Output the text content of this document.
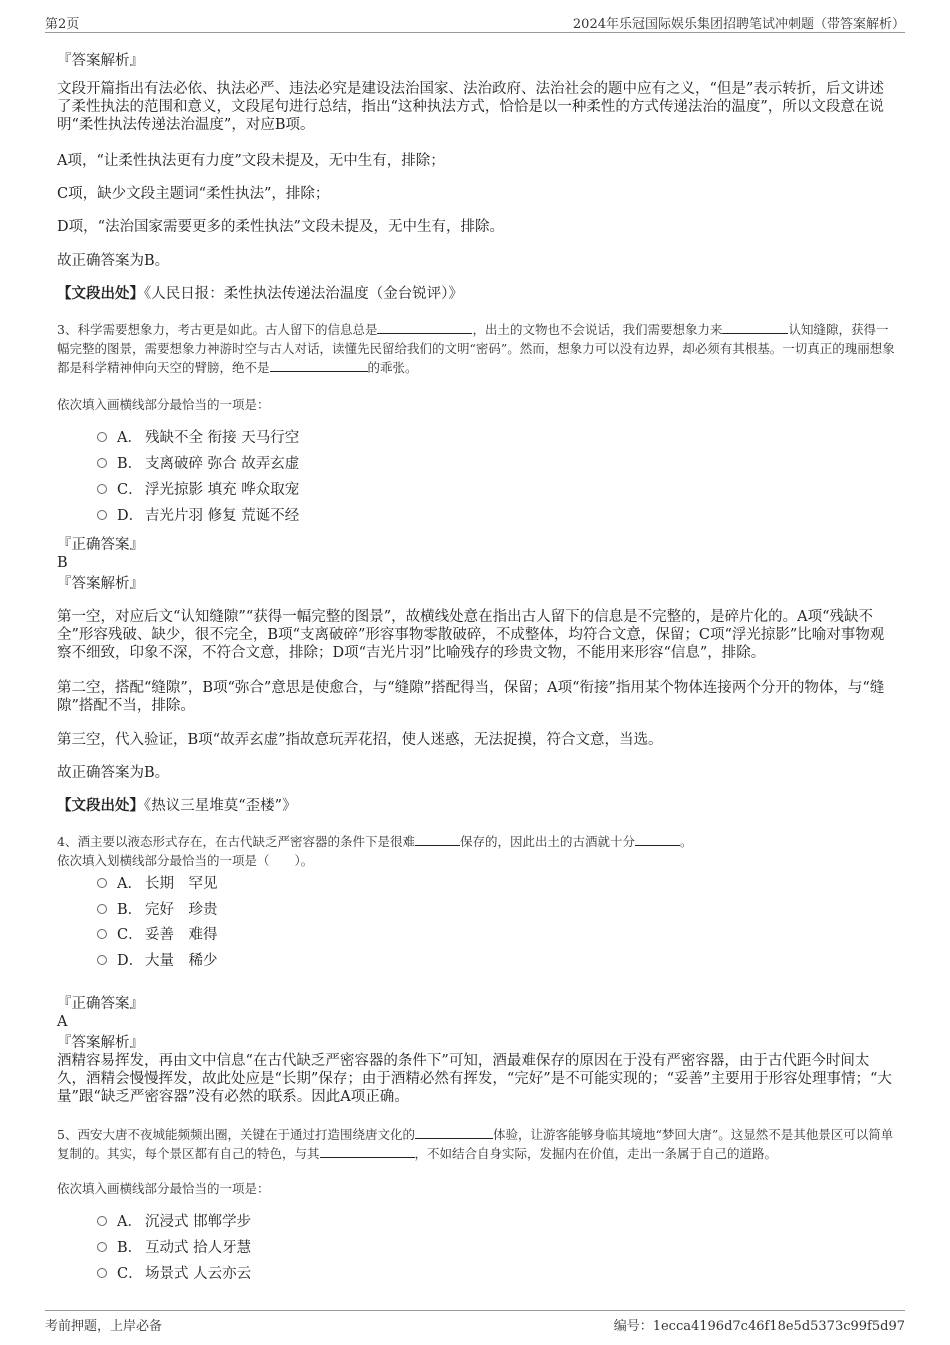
第2页	2024年乐冠国际娱乐集团招聘笔试冲刺题（带答案解析）

『答案解析』

文段开篇指出有法必依、执法必严、违法必究是建设法治国家、法治政府、法治社会的题中应有之义，“但是”表示转折，后文讲述了柔性执法的范围和意义，文段尾句进行总结，指出“这种执法方式，恰恰是以一种柔性的方式传递法治的温度”，所以文段意在说明“柔性执法传递法治温度”，对应B项。

A项，“让柔性执法更有力度”文段未提及，无中生有，排除；

C项，缺少文段主题词“柔性执法”，排除；

D项，“法治国家需要更多的柔性执法”文段未提及，无中生有，排除。

故正确答案为B。

【文段出处】《人民日报：柔性执法传递法治温度（金台锐评）》

3、科学需要想象力，考古更是如此。古人留下的信息总是	，出土的文物也不会说话，我们需要想象力来	认知缝隙，获得一幅完整的图景，需要想象力神游时空与古人对话，读懂先民留给我们的文明“密码”。然而，想象力可以没有边界，却必须有其根基。一切真正的瑰丽想象都是科学精神伸向天空的臂膀，绝不是	的乖张。

依次填入画横线部分最恰当的一项是：

A． 残缺不全 衔接 天马行空
B． 支离破碎 弥合 故弄玄虚
C． 浮光掠影 填充 哗众取宠
D． 吉光片羽 修复 荒诞不经

『正确答案』

B

『答案解析』

第一空，对应后文“认知缝隙”“获得一幅完整的图景”，故横线处意在指出古人留下的信息是不完整的，是碎片化的。A项“残缺不全”形容残破、缺少，很不完全，B项“支离破碎”形容事物零散破碎，不成整体，均符合文意，保留；C项“浮光掠影”比喻对事物观察不细致，印象不深，不符合文意，排除；D项“吉光片羽”比喻残存的珍贵文物，不能用来形容“信息”，排除。

第二空，搭配“缝隙”，B项“弥合”意思是使愈合，与“缝隙”搭配得当，保留；A项“衔接”指用某个物体连接两个分开的物体，与“缝隙”搭配不当，排除。

第三空，代入验证，B项“故弄玄虚”指故意玩弄花招，使人迷惑，无法捉摸，符合文意，当选。

故正确答案为B。

【文段出处】《热议三星堆莫“歪楼”》

4、酒主要以液态形式存在，在古代缺乏严密容器的条件下是很难	保存的，因此出土的古酒就十分	。

依次填入划横线部分最恰当的一项是（　　）。

A． 长期　罕见
B． 完好　珍贵
C． 妥善　难得
D． 大量　稀少

『正确答案』

A

『答案解析』

酒精容易挥发，再由文中信息“在古代缺乏严密容器的条件下”可知，酒最难保存的原因在于没有严密容器，由于古代距今时间太久，酒精会慢慢挥发，故此处应是“长期”保存；由于酒精必然有挥发，“完好”是不可能实现的；“妥善”主要用于形容处理事情；“大量”跟“缺乏严密容器”没有必然的联系。因此A项正确。

5、西安大唐不夜城能频频出圈，关键在于通过打造围绕唐文化的	体验，让游客能够身临其境地“梦回大唐”。这显然不是其他景区可以简单复制的。其实，每个景区都有自己的特色，与其	，不如结合自身实际，发掘内在价值，走出一条属于自己的道路。

依次填入画横线部分最恰当的一项是：

A． 沉浸式 邯郸学步
B． 互动式 拾人牙慧
C． 场景式 人云亦云
考前押题，上岸必备	编号：1ecca4196d7c46f18e5d5373c99f5d97
